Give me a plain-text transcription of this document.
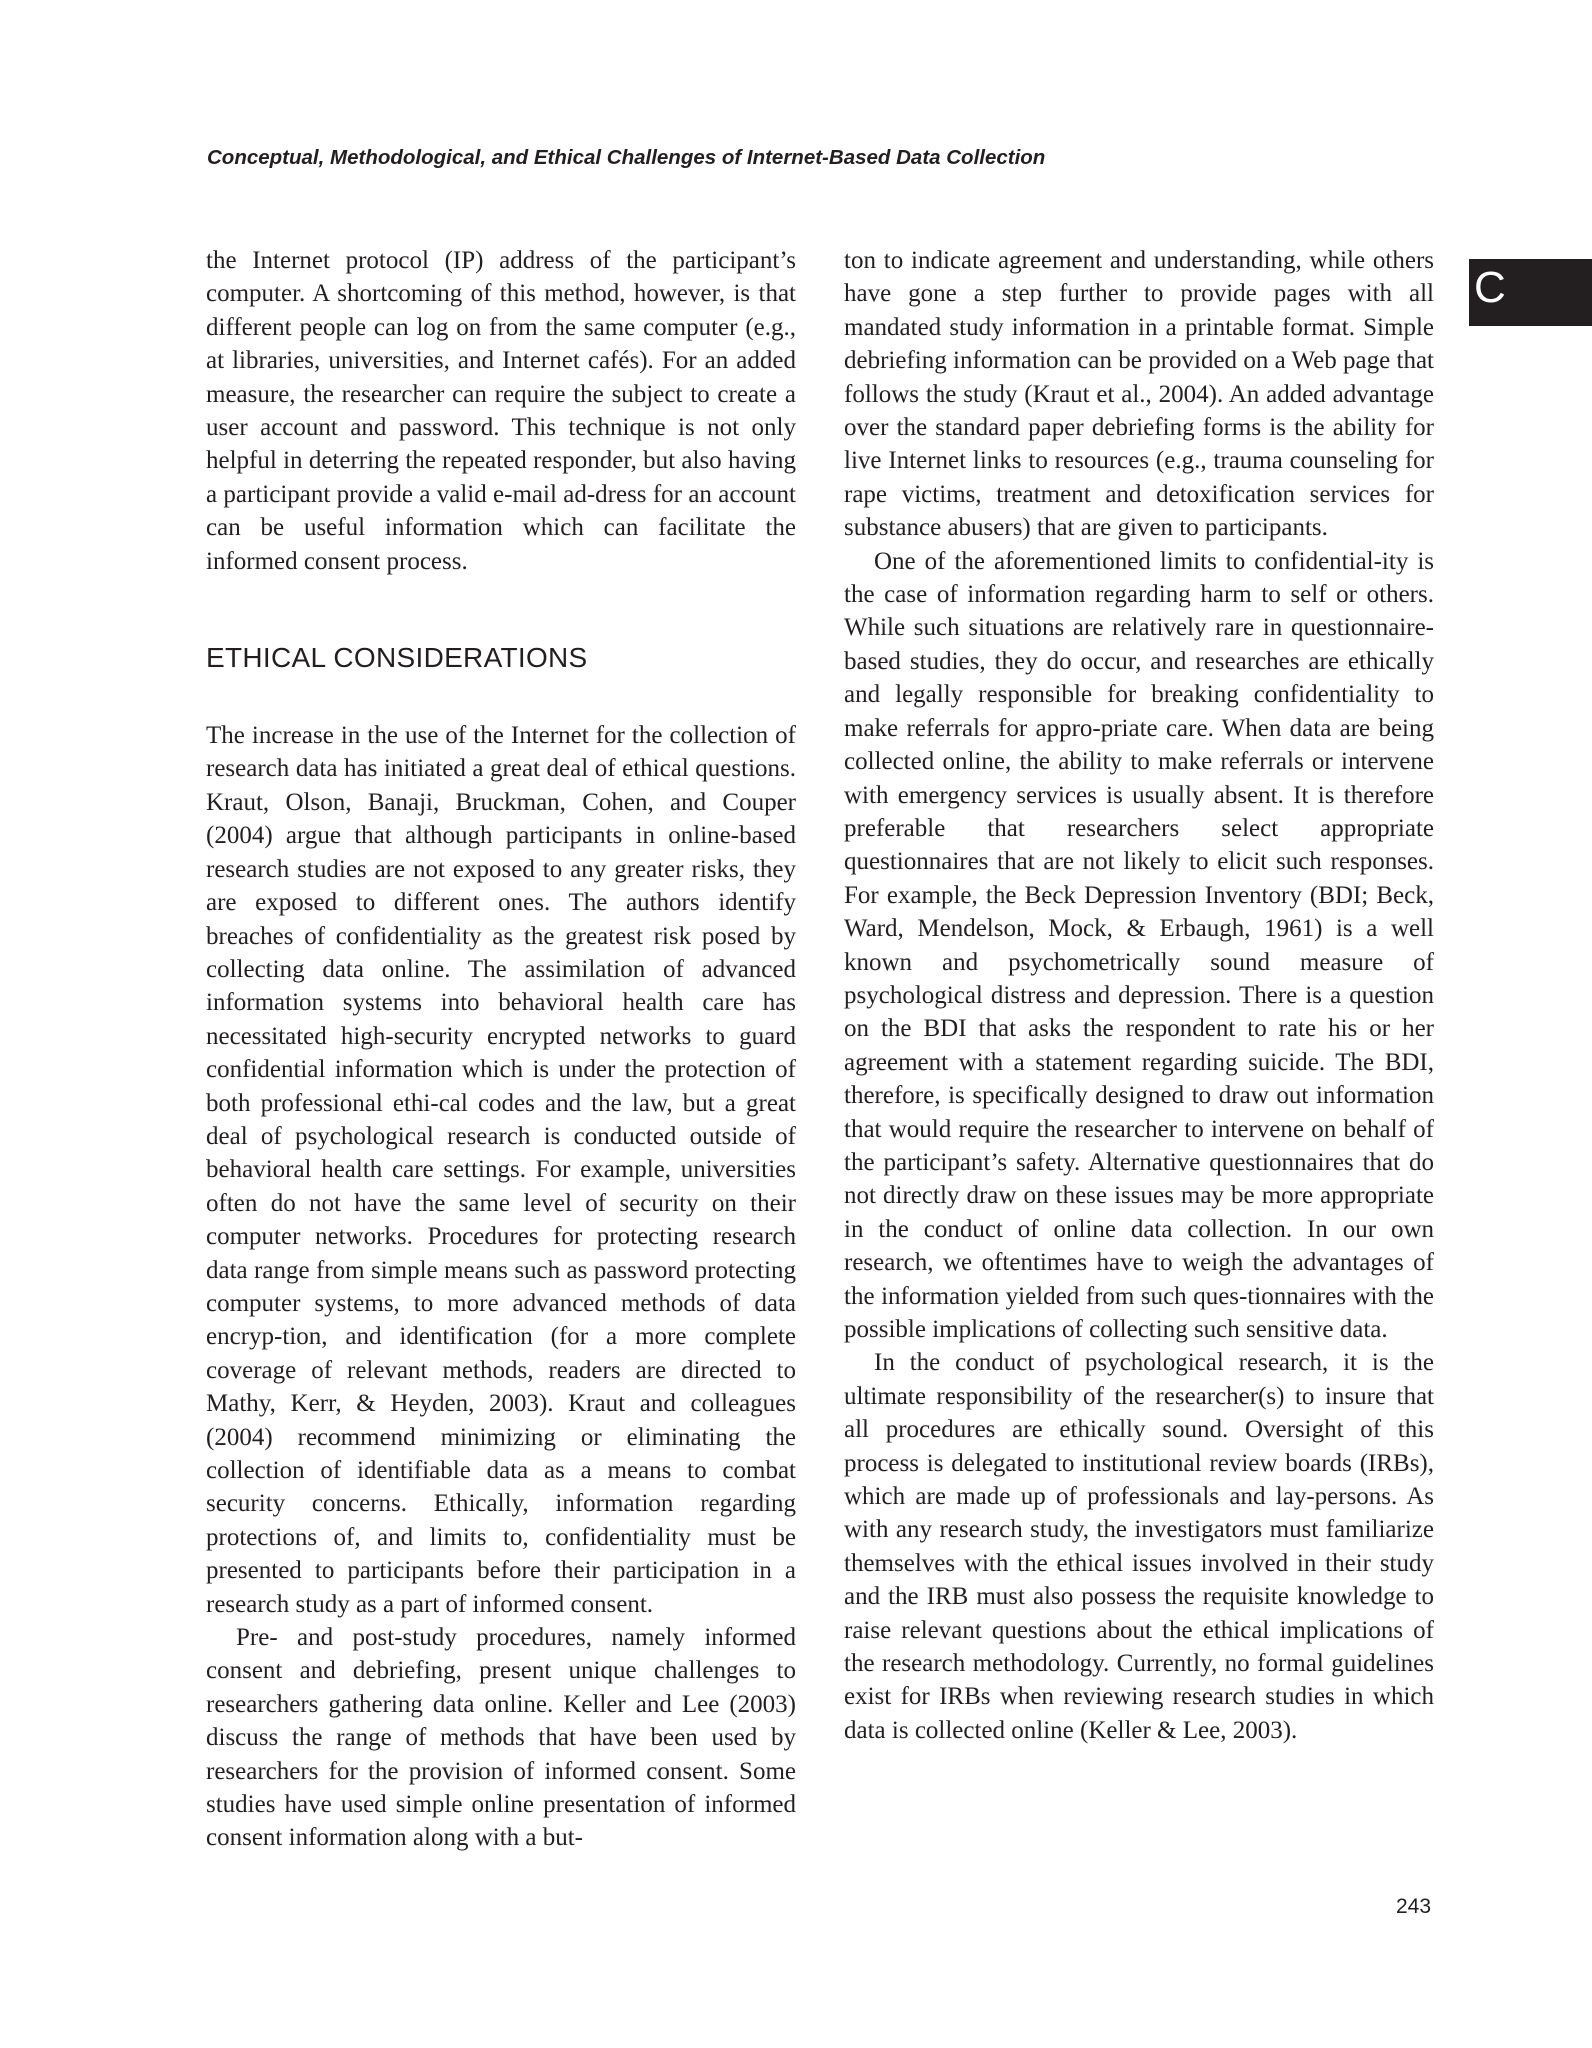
Conceptual, Methodological, and Ethical Challenges of Internet-Based Data Collection
C

the Internet protocol (IP) address of the participant’s computer. A shortcoming of this method, however, is that different people can log on from the same computer (e.g., at libraries, universities, and Internet cafés). For an added measure, the researcher can require the subject to create a user account and password. This technique is not only helpful in deterring the repeated responder, but also having a participant provide a valid e-mail ad-dress for an account can be useful information which can facilitate the informed consent process.

ETHICAL CONSIDERATIONS

The increase in the use of the Internet for the collection of research data has initiated a great deal of ethical questions. Kraut, Olson, Banaji, Bruckman, Cohen, and Couper (2004) argue that although participants in online-based research studies are not exposed to any greater risks, they are exposed to different ones. The authors identify breaches of confidentiality as the greatest risk posed by collecting data online. The assimilation of advanced information systems into behavioral health care has necessitated high-security encrypted networks to guard confidential information which is under the protection of both professional ethi-cal codes and the law, but a great deal of psychological research is conducted outside of behavioral health care settings. For example, universities often do not have the same level of security on their computer networks. Procedures for protecting research data range from simple means such as password protecting computer systems, to more advanced methods of data encryp-tion, and identification (for a more complete coverage of relevant methods, readers are directed to Mathy, Kerr, & Heyden, 2003). Kraut and colleagues (2004) recommend minimizing or eliminating the collection of identifiable data as a means to combat security concerns. Ethically, information regarding protections of, and limits to, confidentiality must be presented to participants before their participation in a research study as a part of informed consent.

Pre- and post-study procedures, namely informed consent and debriefing, present unique challenges to researchers gathering data online. Keller and Lee (2003) discuss the range of methods that have been used by researchers for the provision of informed consent. Some studies have used simple online presentation of informed consent information along with a but-

ton to indicate agreement and understanding, while others have gone a step further to provide pages with all mandated study information in a printable format. Simple debriefing information can be provided on a Web page that follows the study (Kraut et al., 2004). An added advantage over the standard paper debriefing forms is the ability for live Internet links to resources (e.g., trauma counseling for rape victims, treatment and detoxification services for substance abusers) that are given to participants.

One of the aforementioned limits to confidential-ity is the case of information regarding harm to self or others. While such situations are relatively rare in questionnaire-based studies, they do occur, and researches are ethically and legally responsible for breaking confidentiality to make referrals for appro-priate care. When data are being collected online, the ability to make referrals or intervene with emergency services is usually absent. It is therefore preferable that researchers select appropriate questionnaires that are not likely to elicit such responses. For example, the Beck Depression Inventory (BDI; Beck, Ward, Mendelson, Mock, & Erbaugh, 1961) is a well known and psychometrically sound measure of psychological distress and depression. There is a question on the BDI that asks the respondent to rate his or her agreement with a statement regarding suicide. The BDI, therefore, is specifically designed to draw out information that would require the researcher to intervene on behalf of the participant’s safety. Alternative questionnaires that do not directly draw on these issues may be more appropriate in the conduct of online data collection. In our own research, we oftentimes have to weigh the advantages of the information yielded from such ques-tionnaires with the possible implications of collecting such sensitive data.

In the conduct of psychological research, it is the ultimate responsibility of the researcher(s) to insure that all procedures are ethically sound. Oversight of this process is delegated to institutional review boards (IRBs), which are made up of professionals and lay-persons. As with any research study, the investigators must familiarize themselves with the ethical issues involved in their study and the IRB must also possess the requisite knowledge to raise relevant questions about the ethical implications of the research methodology. Currently, no formal guidelines exist for IRBs when reviewing research studies in which data is collected online (Keller & Lee, 2003).

243
